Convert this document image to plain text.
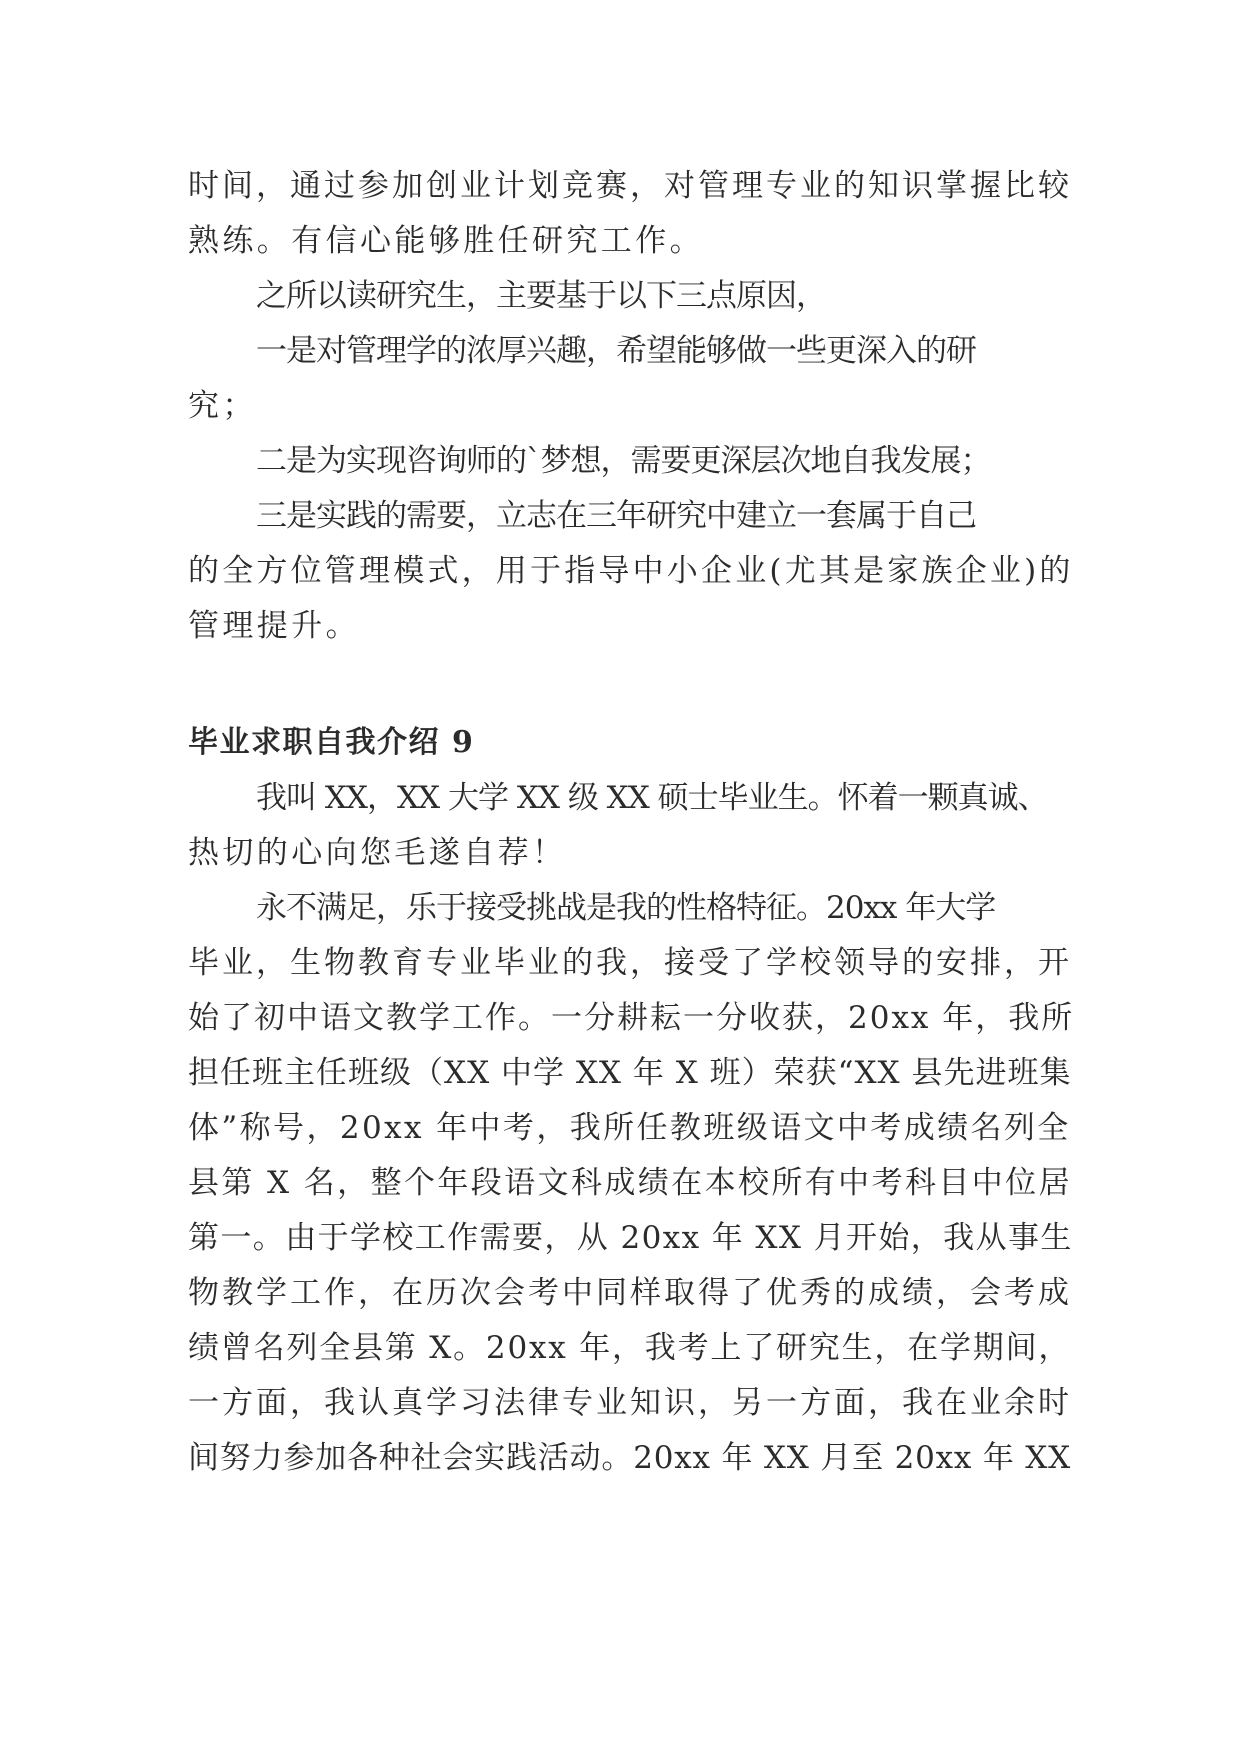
时间，通过参加创业计划竞赛，对管理专业的知识掌握比较

熟练。有信心能够胜任研究工作。

之所以读研究生，主要基于以下三点原因，

一是对管理学的浓厚兴趣，希望能够做一些更深入的研

究；

二是为实现咨询师的`梦想，需要更深层次地自我发展；

三是实践的需要，立志在三年研究中建立一套属于自己

的全方位管理模式，用于指导中小企业(尤其是家族企业)的

管理提升。

毕业求职自我介绍 9

我叫 XX，XX 大学 XX 级 XX 硕士毕业生。怀着一颗真诚、

热切的心向您毛遂自荐！

永不满足，乐于接受挑战是我的性格特征。20xx 年大学

毕业，生物教育专业毕业的我，接受了学校领导的安排，开

始了初中语文教学工作。一分耕耘一分收获，20xx 年，我所

担任班主任班级（XX 中学 XX 年 X 班）荣获“XX 县先进班集

体”称号，20xx 年中考，我所任教班级语文中考成绩名列全

县第 X 名，整个年段语文科成绩在本校所有中考科目中位居

第一。由于学校工作需要，从 20xx 年 XX 月开始，我从事生

物教学工作，在历次会考中同样取得了优秀的成绩，会考成

绩曾名列全县第 X。20xx 年，我考上了研究生，在学期间，

一方面，我认真学习法律专业知识，另一方面，我在业余时

间努力参加各种社会实践活动。20xx 年 XX 月至 20xx 年 XX
